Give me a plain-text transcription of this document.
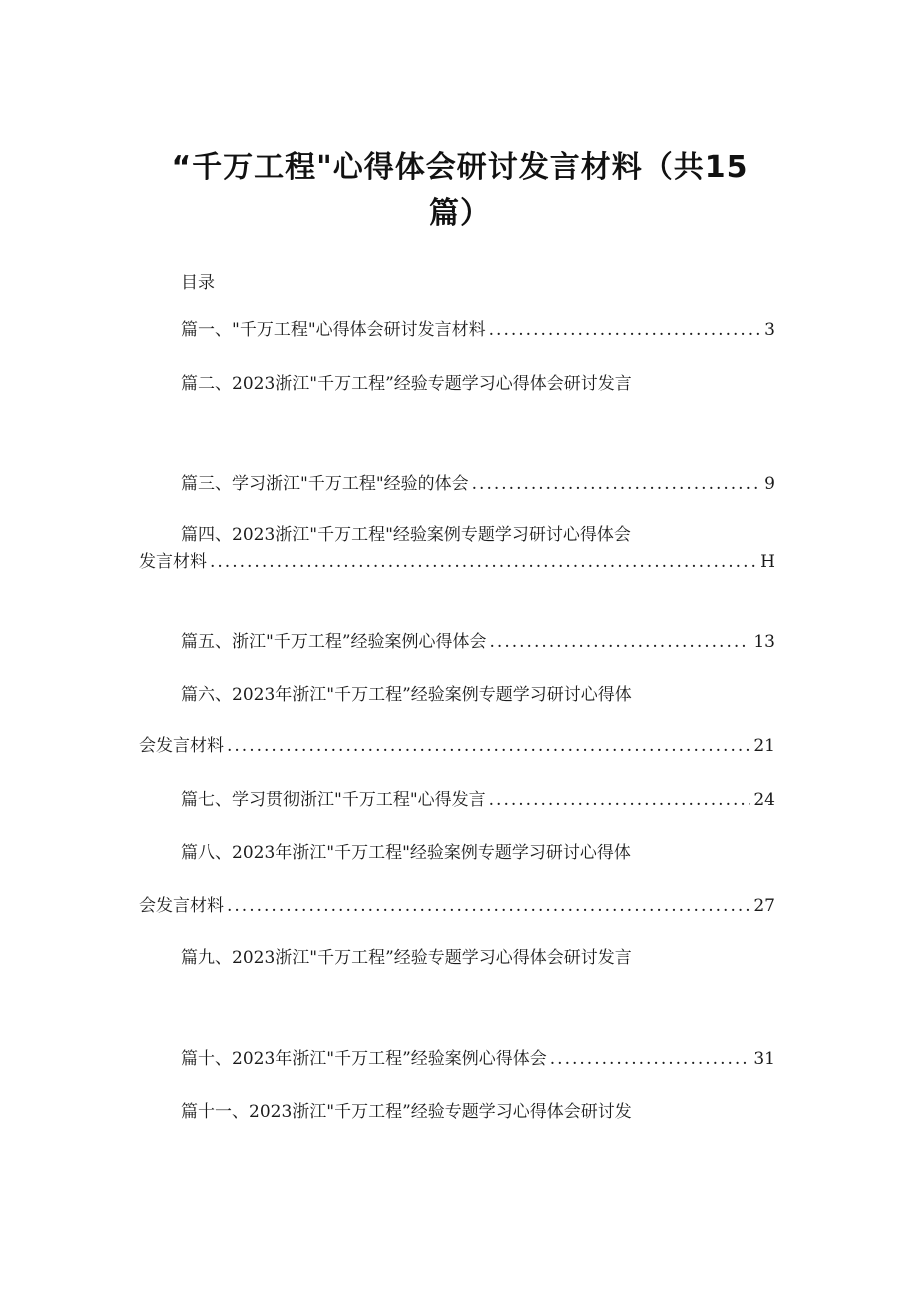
“千万工程"心得体会研讨发言材料（共15
篇）
目录
篇一、"千万工程"心得体会研讨发言材料 .....	3
篇二、2023浙江"千万工程”经验专题学习心得体会研讨发言
篇三、学习浙江"千万工程"经验的体会 .....	9
篇四、2023浙江"千万工程"经验案例专题学习研讨心得体会
发言材料 .....	H
篇五、浙江"千万工程”经验案例心得体会 .....	13
篇六、2023年浙江"千万工程”经验案例专题学习研讨心得体
会发言材料 .....	21
篇七、学习贯彻浙江"千万工程"心得发言 .....	24
篇八、2023年浙江"千万工程"经验案例专题学习研讨心得体
会发言材料 .....	27
篇九、2023浙江"千万工程”经验专题学习心得体会研讨发言
篇十、2023年浙江"千万工程”经验案例心得体会 .....	31
篇十一、2023浙江"千万工程”经验专题学习心得体会研讨发
